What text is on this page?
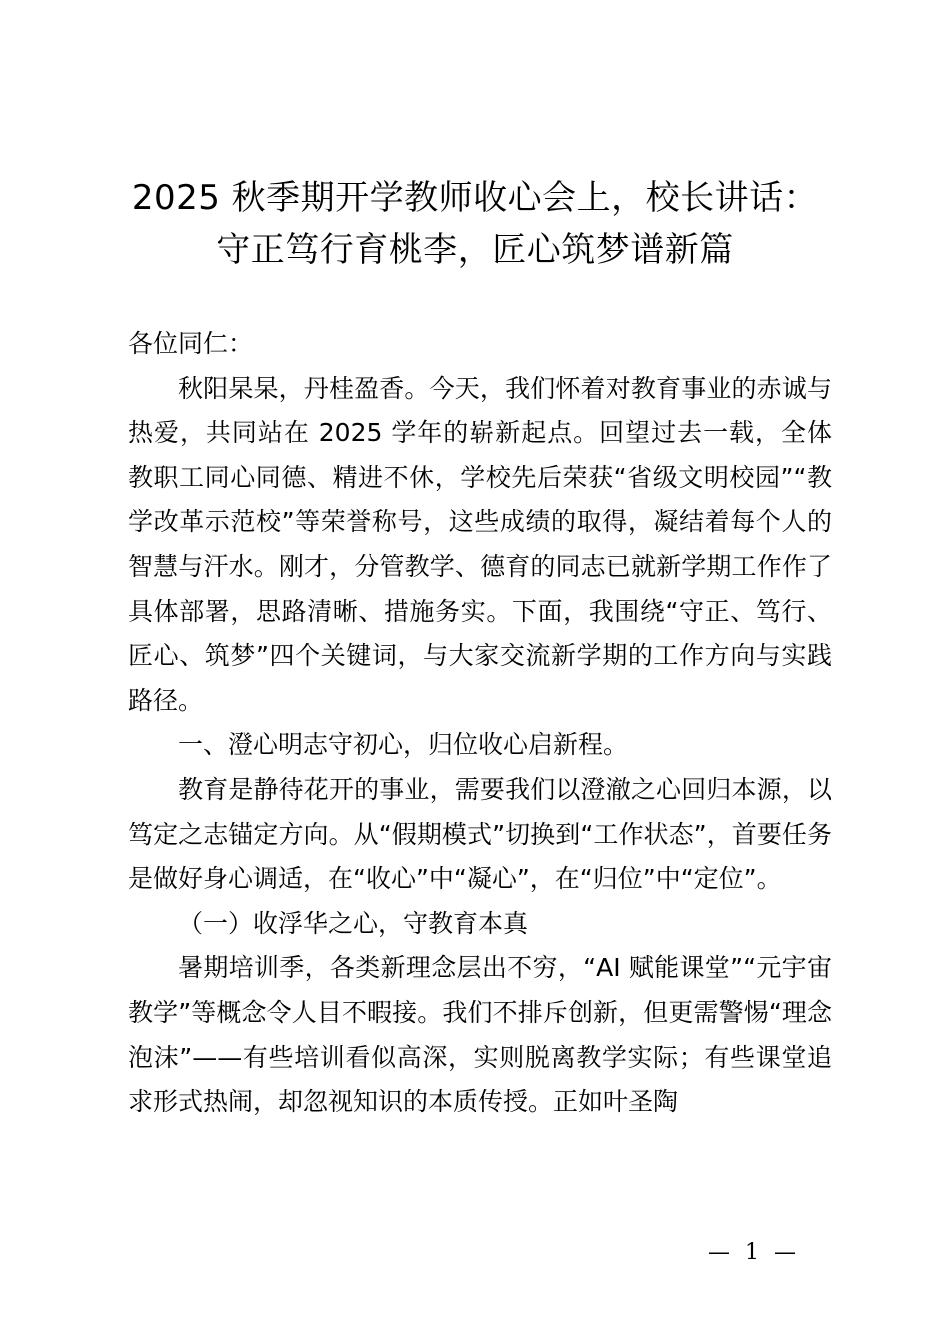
2025 秋季期开学教师收心会上，校长讲话：
守正笃行育桃李，匠心筑梦谱新篇

各位同仁：

秋阳杲杲，丹桂盈香。今天，我们怀着对教育事业的赤诚与热爱，共同站在 2025 学年的崭新起点。回望过去一载，全体教职工同心同德、精进不休，学校先后荣获“省级文明校园”“教学改革示范校”等荣誉称号，这些成绩的取得，凝结着每个人的智慧与汗水。刚才，分管教学、德育的同志已就新学期工作作了具体部署，思路清晰、措施务实。下面，我围绕“守正、笃行、匠心、筑梦”四个关键词，与大家交流新学期的工作方向与实践路径。

一、澄心明志守初心，归位收心启新程。

教育是静待花开的事业，需要我们以澄澈之心回归本源，以笃定之志锚定方向。从“假期模式”切换到“工作状态”，首要任务是做好身心调适，在“收心”中“凝心”，在“归位”中“定位”。

（一）收浮华之心，守教育本真

暑期培训季，各类新理念层出不穷，“AI 赋能课堂”“元宇宙教学”等概念令人目不暇接。我们不排斥创新，但更需警惕“理念泡沫”——有些培训看似高深，实则脱离教学实际；有些课堂追求形式热闹，却忽视知识的本质传授。正如叶圣陶

— 1 —
